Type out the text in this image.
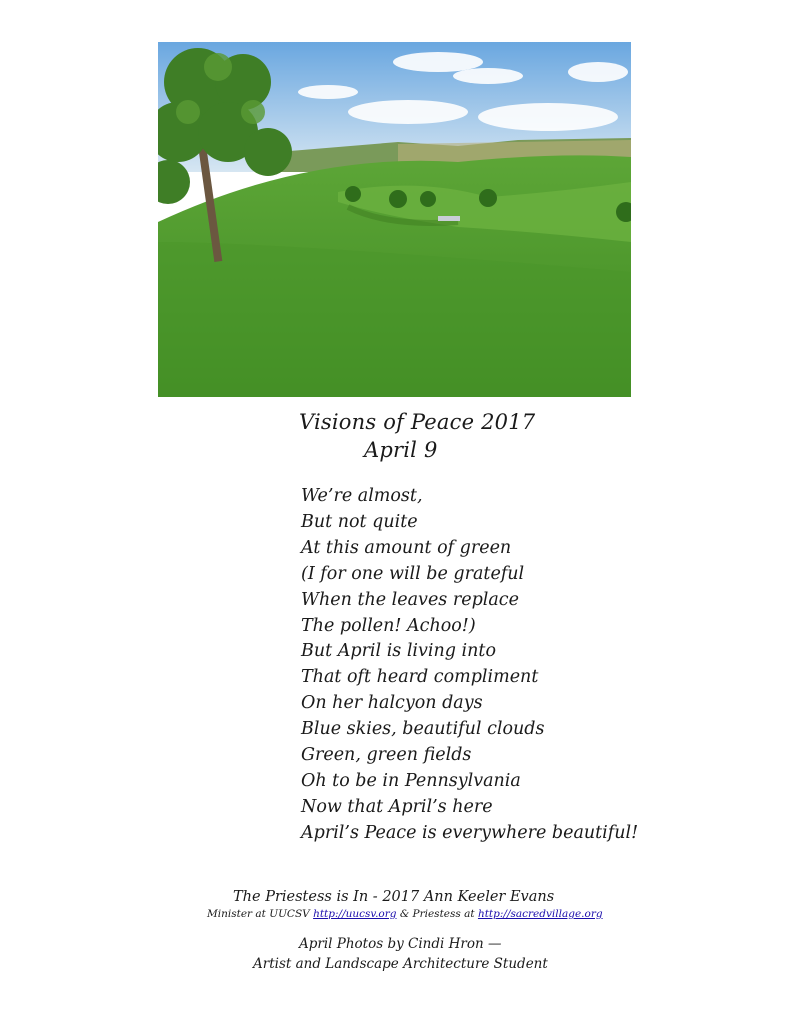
Visions of Peace 2017
April 9
We’re almost,
But not quite
At this amount of green
(I for one will be grateful
When the leaves replace
The pollen! Achoo!)
But April is living into
That oft heard compliment
On her halcyon days
Blue skies, beautiful clouds
Green, green fields
Oh to be in Pennsylvania
Now that April’s here
April’s Peace is everywhere beautiful!
The Priestess is In - 2017 Ann Keeler Evans
Minister at UUCSV http://uucsv.org & Priestess at http://sacredvillage.org
April Photos by Cindi Hron —
Artist and Landscape Architecture Student
